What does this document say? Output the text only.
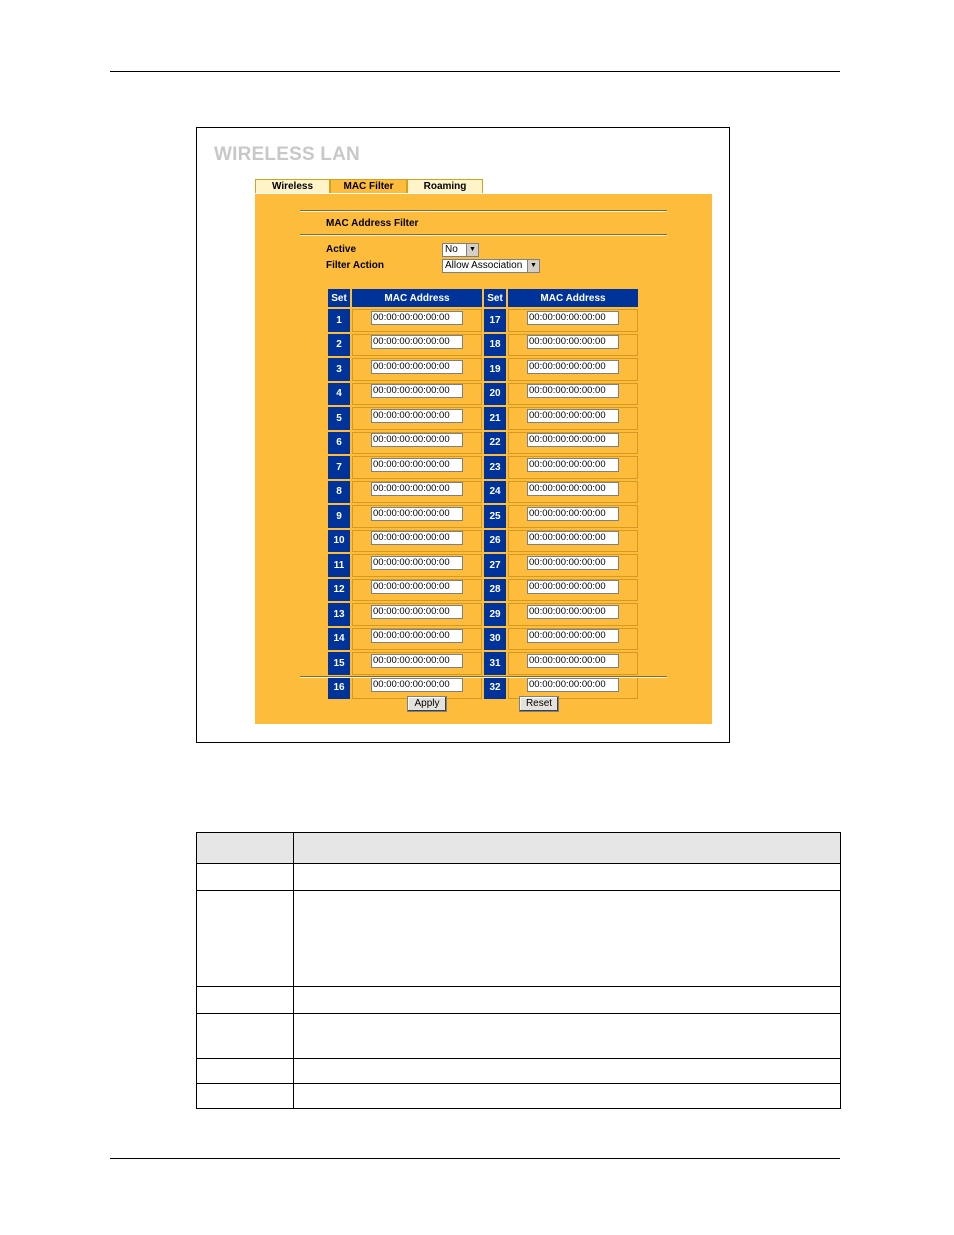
WIRELESS LAN
Wireless	MAC Filter	Roaming
MAC Address Filter
Active	No	▼
Filter Action	Allow Association	▼
Set	MAC Address	Set	MAC Address
1	00:00:00:00:00:00	17	00:00:00:00:00:00
2	00:00:00:00:00:00	18	00:00:00:00:00:00
3	00:00:00:00:00:00	19	00:00:00:00:00:00
4	00:00:00:00:00:00	20	00:00:00:00:00:00
5	00:00:00:00:00:00	21	00:00:00:00:00:00
6	00:00:00:00:00:00	22	00:00:00:00:00:00
7	00:00:00:00:00:00	23	00:00:00:00:00:00
8	00:00:00:00:00:00	24	00:00:00:00:00:00
9	00:00:00:00:00:00	25	00:00:00:00:00:00
10	00:00:00:00:00:00	26	00:00:00:00:00:00
11	00:00:00:00:00:00	27	00:00:00:00:00:00
12	00:00:00:00:00:00	28	00:00:00:00:00:00
13	00:00:00:00:00:00	29	00:00:00:00:00:00
14	00:00:00:00:00:00	30	00:00:00:00:00:00
15	00:00:00:00:00:00	31	00:00:00:00:00:00
16	00:00:00:00:00:00	32	00:00:00:00:00:00
Apply	Reset
